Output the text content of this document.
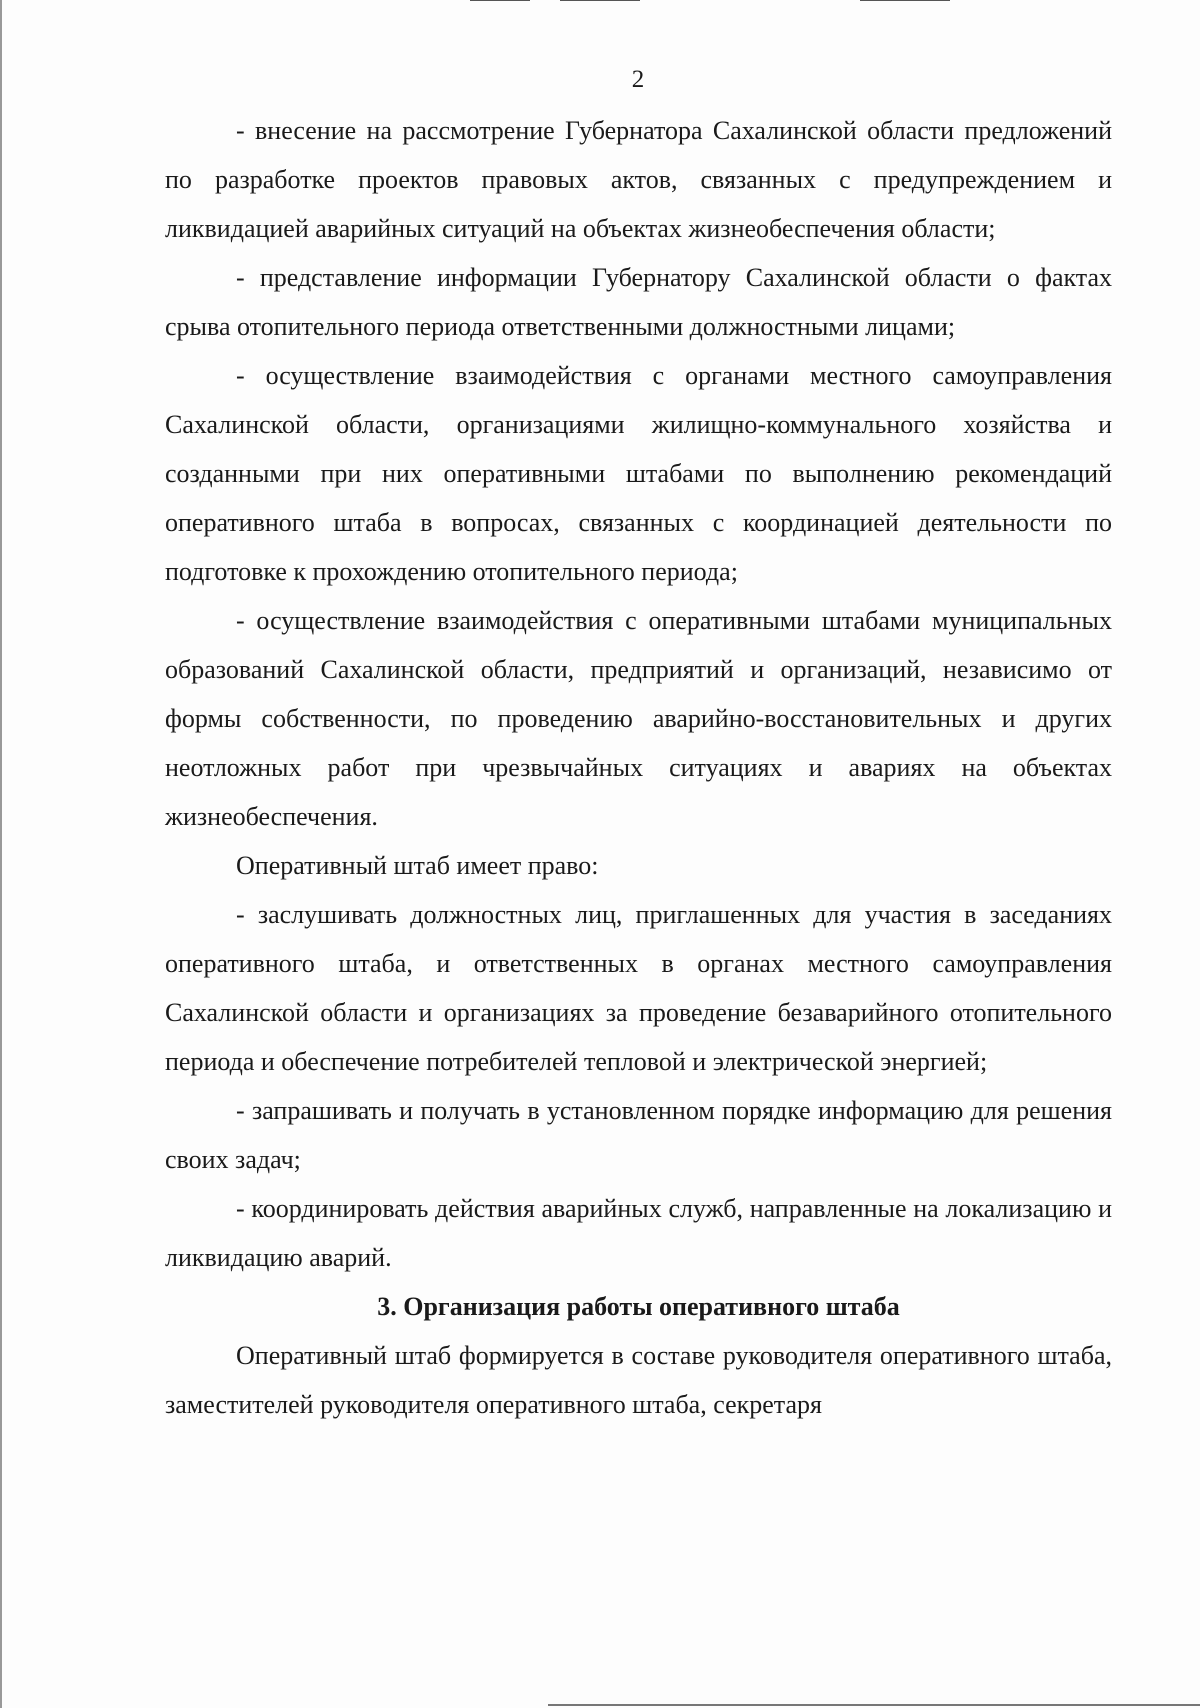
2

- внесение на рассмотрение Губернатора Сахалинской области предложений по разработке проектов правовых актов, связанных с предупреждением и ликвидацией аварийных ситуаций на объектах жизнеобеспечения области;

- представление информации Губернатору Сахалинской области о фактах срыва отопительного периода ответственными должностными лицами;

- осуществление взаимодействия с органами местного самоуправления Сахалинской области, организациями жилищно-коммунального хозяйства и созданными при них оперативными штабами по выполнению рекомендаций оперативного штаба в вопросах, связанных с координацией деятельности по подготовке к прохождению отопительного периода;

- осуществление взаимодействия с оперативными штабами муниципальных образований Сахалинской области, предприятий и организаций, независимо от формы собственности, по проведению аварийно-восстановительных и других неотложных работ при чрезвычайных ситуациях и авариях на объектах жизнеобеспечения.

Оперативный штаб имеет право:

- заслушивать должностных лиц, приглашенных для участия в заседаниях оперативного штаба, и ответственных в органах местного самоуправления Сахалинской области и организациях за проведение безаварийного отопительного периода и обеспечение потребителей тепловой и электрической энергией;

- запрашивать и получать в установленном порядке информацию для решения своих задач;

- координировать действия аварийных служб, направленные на локализацию и ликвидацию аварий.

3. Организация работы оперативного штаба

Оперативный штаб формируется в составе руководителя оперативного штаба, заместителей руководителя оперативного штаба, секретаря
